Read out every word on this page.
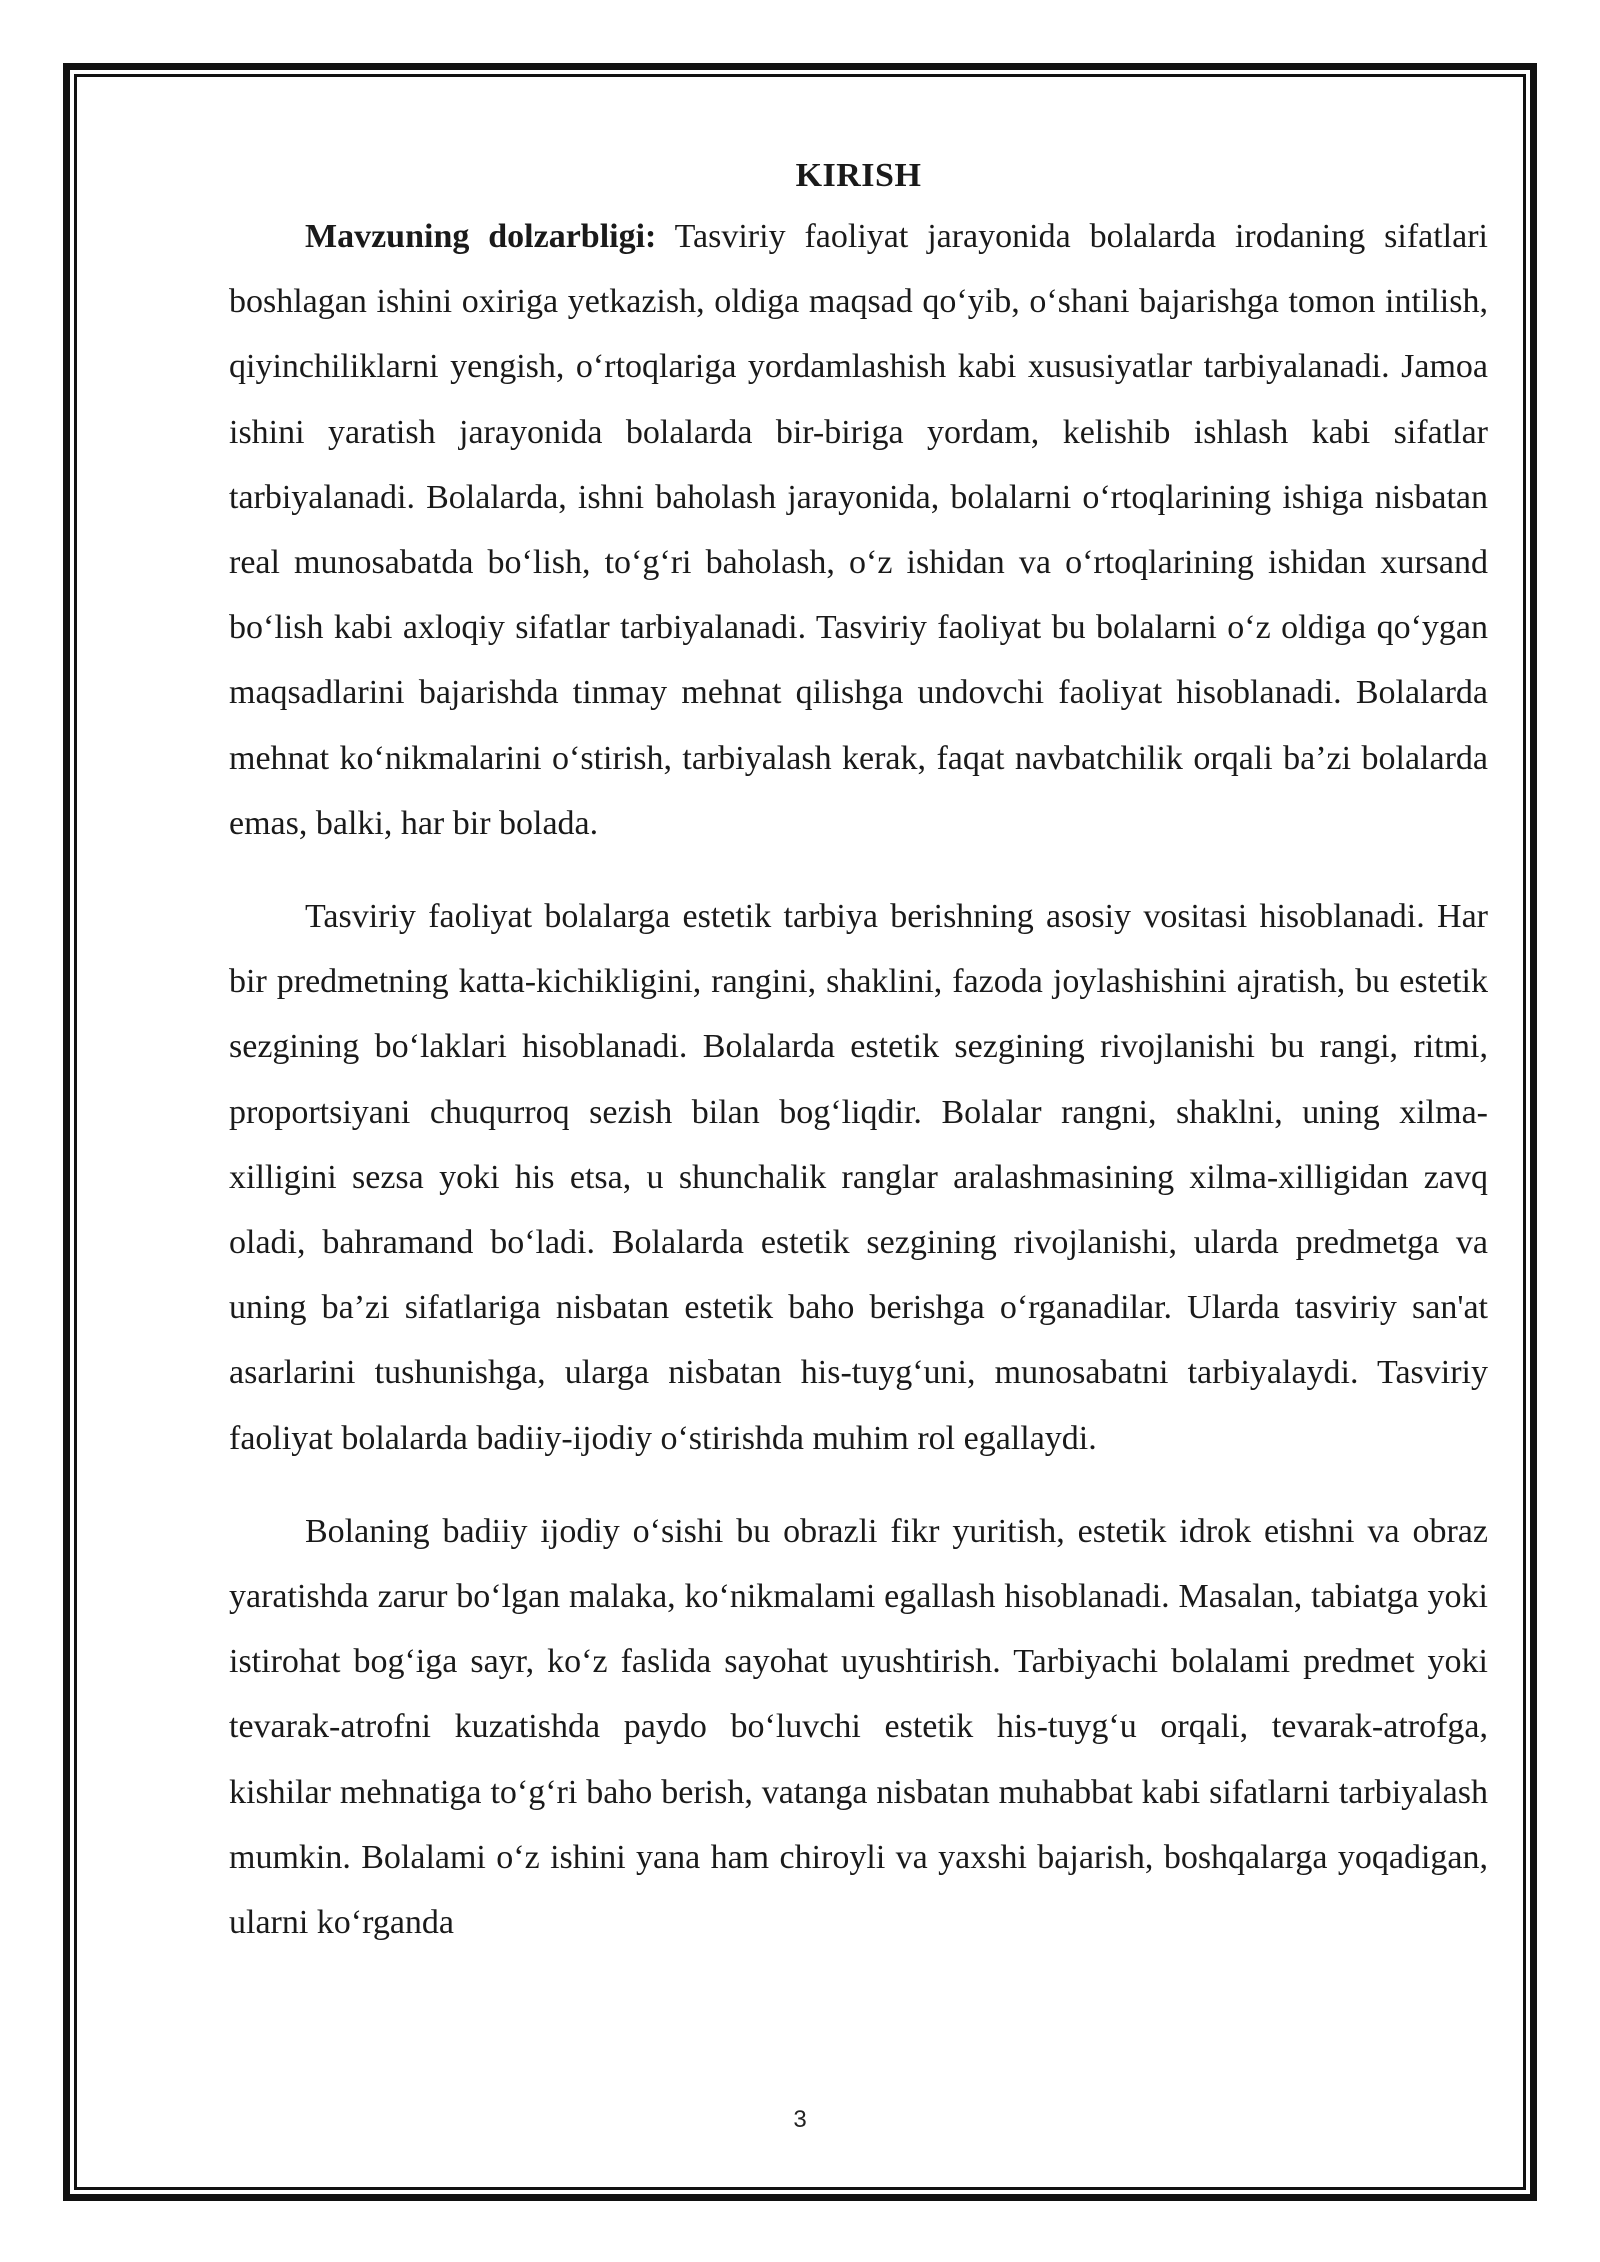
KIRISH

Mavzuning dolzarbligi: Tasviriy faoliyat jarayonida bolalarda irodaning sifatlari boshlagan ishini oxiriga yetkazish, oldiga maqsad qo‘yib, o‘shani bajarishga tomon intilish, qiyinchiliklarni yengish, o‘rtoqlariga yordamlashish kabi xususiyatlar tarbiyalanadi. Jamoa ishini yaratish jarayonida bolalarda bir-biriga yordam, kelishib ishlash kabi sifatlar tarbiyalanadi. Bolalarda, ishni baholash jarayonida, bolalarni o‘rtoqlarining ishiga nisbatan real munosabatda bo‘lish, to‘g‘ri baholash, o‘z ishidan va o‘rtoqlarining ishidan xursand bo‘lish kabi axloqiy sifatlar tarbiyalanadi. Tasviriy faoliyat bu bolalarni o‘z oldiga qo‘ygan maqsadlarini bajarishda tinmay mehnat qilishga undovchi faoliyat hisoblanadi. Bolalarda mehnat ko‘nikmalarini o‘stirish, tarbiyalash kerak, faqat navbatchilik orqali ba’zi bolalarda emas, balki, har bir bolada.

Tasviriy faoliyat bolalarga estetik tarbiya berishning asosiy vositasi hisoblanadi. Har bir predmetning katta-kichikligini, rangini, shaklini, fazoda joylashishini ajratish, bu estetik sezgining bo‘laklari hisoblanadi. Bolalarda estetik sezgining rivojlanishi bu rangi, ritmi, proportsiyani chuqurroq sezish bilan bog‘liqdir. Bolalar rangni, shaklni, uning xilma-xilligini sezsa yoki his etsa, u shunchalik ranglar aralashmasining xilma-xilligidan zavq oladi, bahramand bo‘ladi. Bolalarda estetik sezgining rivojlanishi, ularda predmetga va uning ba’zi sifatlariga nisbatan estetik baho berishga o‘rganadilar. Ularda tasviriy san'at asarlarini tushunishga, ularga nisbatan his-tuyg‘uni, munosabatni tarbiyalaydi. Tasviriy faoliyat bolalarda badiiy-ijodiy o‘stirishda muhim rol egallaydi.

Bolaning badiiy ijodiy o‘sishi bu obrazli fikr yuritish, estetik idrok etishni va obraz yaratishda zarur bo‘lgan malaka, ko‘nikmalami egallash hisoblanadi. Masalan, tabiatga yoki istirohat bog‘iga sayr, ko‘z faslida sayohat uyushtirish. Tarbiyachi bolalami predmet yoki tevarak-atrofni kuzatishda paydo bo‘luvchi estetik his-tuyg‘u orqali, tevarak-atrofga, kishilar mehnatiga to‘g‘ri baho berish, vatanga nisbatan muhabbat kabi sifatlarni tarbiyalash mumkin. Bolalami o‘z ishini yana ham chiroyli va yaxshi bajarish, boshqalarga yoqadigan, ularni ko‘rganda

3
